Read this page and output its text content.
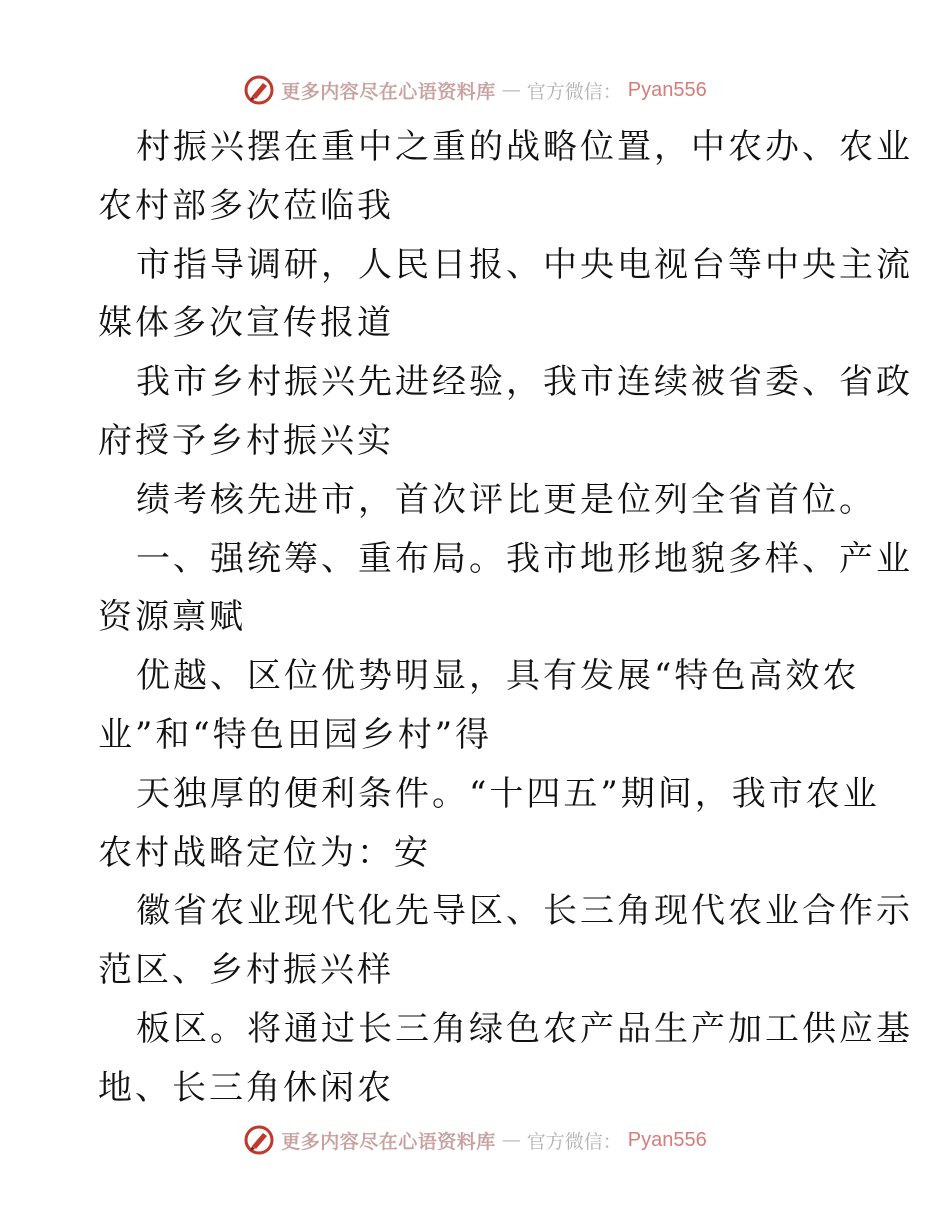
更多内容尽在心语资料库 — 官方微信： Pyan556
村振兴摆在重中之重的战略位置，中农办、农业
农村部多次莅临我
市指导调研，人民日报、中央电视台等中央主流
媒体多次宣传报道
我市乡村振兴先进经验，我市连续被省委、省政
府授予乡村振兴实
绩考核先进市，首次评比更是位列全省首位。
一、强统筹、重布局。我市地形地貌多样、产业
资源禀赋
优越、区位优势明显，具有发展“特色高效农
业”和“特色田园乡村”得
天独厚的便利条件。“十四五”期间，我市农业
农村战略定位为：安
徽省农业现代化先导区、长三角现代农业合作示
范区、乡村振兴样
板区。将通过长三角绿色农产品生产加工供应基
地、长三角休闲农
更多内容尽在心语资料库 — 官方微信： Pyan556
